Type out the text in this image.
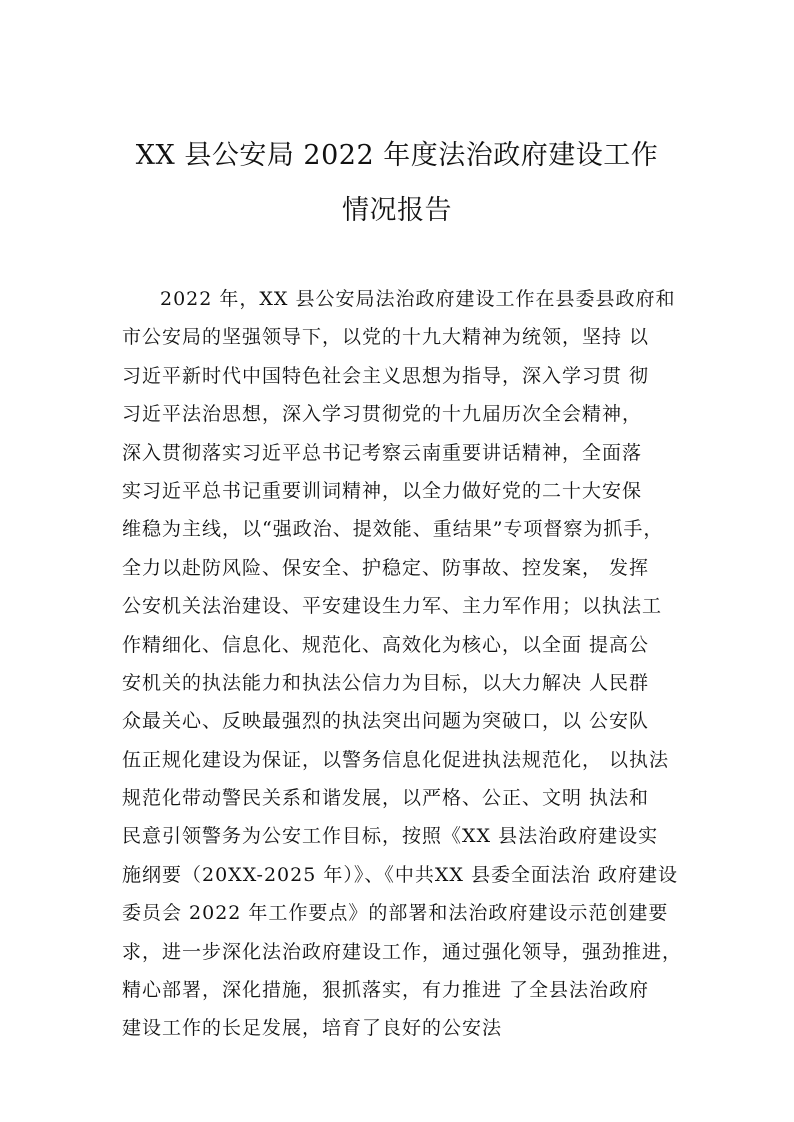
XX 县公安局 2022 年度法治政府建设工作
情况报告
2022 年，XX 县公安局法治政府建设工作在县委县政府和
市公安局的坚强领导下，以党的十九大精神为统领，坚持 以
习近平新时代中国特色社会主义思想为指导，深入学习贯 彻
习近平法治思想，深入学习贯彻党的十九届历次全会精神，
深入贯彻落实习近平总书记考察云南重要讲话精神，全面落
实习近平总书记重要训词精神，以全力做好党的二十大安保
维稳为主线，以“强政治、提效能、重结果”专项督察为抓手，
全力以赴防风险、保安全、护稳定、防事故、控发案， 发挥
公安机关法治建设、平安建设生力军、主力军作用；以执法工
作精细化、信息化、规范化、高效化为核心，以全面 提高公
安机关的执法能力和执法公信力为目标，以大力解决 人民群
众最关心、反映最强烈的执法突出问题为突破口，以 公安队
伍正规化建设为保证，以警务信息化促进执法规范化， 以执法
规范化带动警民关系和谐发展，以严格、公正、文明 执法和
民意引领警务为公安工作目标，按照《XX 县法治政府建设实
施纲要（20XX-2025 年）》、《中共XX 县委全面法治 政府建设
委员会 2022 年工作要点》的部署和法治政府建设示范创建要
求，进一步深化法治政府建设工作，通过强化领导，强劲推进，
精心部署，深化措施，狠抓落实，有力推进 了全县法治政府
建设工作的长足发展，培育了良好的公安法
